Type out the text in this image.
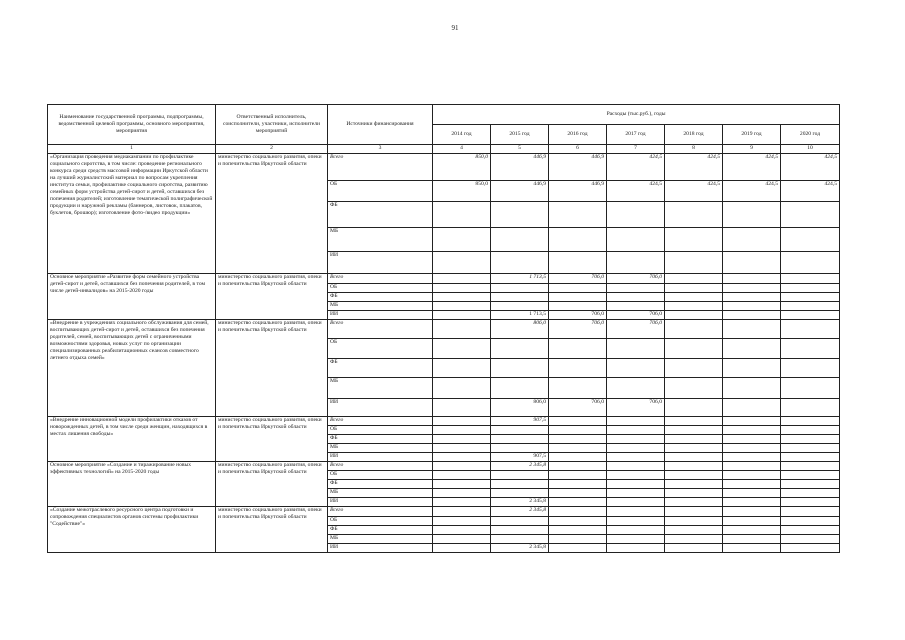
91
Наименование государственной программы, подпрограммы, ведомственной целевой программы, основного мероприятия, мероприятия	Ответственный исполнитель, соисполнители, участники, исполнители мероприятий	Источники финансирования	Расходы (тыс.руб.), годы						
			2014 год	2015 год	2016 год	2017 год	2018 год	2019 год	2020 год
1	2	3	4	5	6	7	8	9	10
«Организация проведения медиакампании по профилактике социального сиротства, в том числе: проведение регионального конкурса среди средств массовой информации Иркутской области на лучший журналистский материал по вопросам укрепления института семьи, профилактике социального сиротства, развитию семейных форм устройства детей-сирот и детей, оставшихся без попечения родителей; изготовление тематической полиграфической продукции и наружной рекламы (баннеров, листовок, плакатов, буклетов, брошюр); изготовление фото-/видео продукции»	министерство социального развития, опеки и попечительства Иркутской области	Всего	850,0	446,9	446,9	424,5	424,5	424,5	424,5
		ОБ	850,0	446,9	446,9	424,5	424,5	424,5	424,5
		ФБ							
		МБ							
		ИИ							
Основное мероприятие «Развитие форм семейного устройства детей-сирот и детей, оставшихся без попечения родителей, в том числе детей-инвалидов» на 2015-2020 годы	министерство социального развития, опеки и попечительства Иркутской области	Всего		1 713,5	706,0	706,0			
		ОБ							
		ФБ							
		МБ							
		ИИ		1 713,5	706,0	706,0			
«Внедрение в учреждениях социального обслуживания для семей, воспитывающих детей-сирот и детей, оставшихся без попечения родителей, семей, воспитывающих детей с ограниченными возможностями здоровья, новых услуг по организации специализированных реабилитационных сеансов совместного летнего отдыха семей»	министерство социального развития, опеки и попечительства Иркутской области	Всего		806,0	706,0	706,0			
		ОБ							
		ФБ							
		МБ							
		ИИ		806,0	706,0	706,0			
«Внедрение инновационной модели профилактики отказов от новорожденных детей, в том числе среди женщин, находящихся в местах лишения свободы»	министерство социального развития, опеки и попечительства Иркутской области	Всего		907,5					
		ОБ							
		ФБ							
		МБ							
		ИИ		907,5					
Основное мероприятие «Создание и тиражирование новых эффективных технологий» на 2015-2020 годы	министерство социального развития, опеки и попечительства Иркутской области	Всего		2 345,8					
		ОБ							
		ФБ							
		МБ							
		ИИ		2 345,8					
«Создание межотраслевого ресурсного центра подготовки и сопровождения специалистов органов системы профилактики "Содействие"»	министерство социального развития, опеки и попечительства Иркутской области	Всего		2 345,8					
		ОБ							
		ФБ							
		МБ							
		ИИ		2 345,8					
